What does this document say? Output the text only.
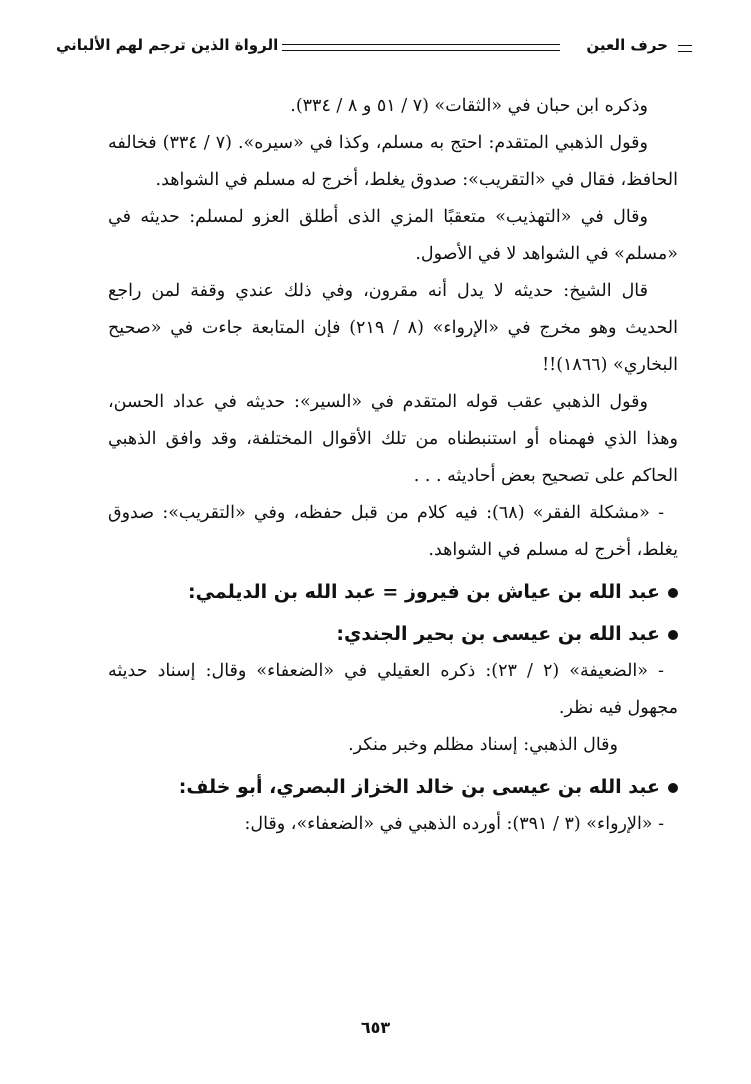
حرف العين
الرواة الذين ترجم لهم الألباني

وذكره ابن حبان في «الثقات» (٧ / ٥١ و ٨ / ٣٣٤).

وقول الذهبي المتقدم: احتج به مسلم، وكذا في «سيره». (٧ / ٣٣٤) فخالفه الحافظ، فقال في «التقريب»: صدوق يغلط، أخرج له مسلم في الشواهد.

وقال في «التهذيب» متعقبًا المزي الذى أطلق العزو لمسلم: حديثه في «مسلم» في الشواهد لا في الأصول.

قال الشيخ: حديثه لا يدل أنه مقرون، وفي ذلك عندي وقفة لمن راجع الحديث وهو مخرج في «الإرواء» (٨ / ٢١٩) فإن المتابعة جاءت في «صحيح البخاري» (١٨٦٦)!!

وقول الذهبي عقب قوله المتقدم في «السير»: حديثه في عداد الحسن، وهذا الذي فهمناه أو استنبطناه من تلك الأقوال المختلفة، وقد وافق الذهبي الحاكم على تصحيح بعض أحاديثه . . .

- «مشكلة الفقر» (٦٨): فيه كلام من قبل حفظه، وفي «التقريب»: صدوق يغلط، أخرج له مسلم في الشواهد.

عبد الله بن عياش بن فيروز = عبد الله بن الديلمي:

عبد الله بن عيسى بن بحير الجندي:

- «الضعيفة» (٢ / ٢٣): ذكره العقيلي في «الضعفاء» وقال: إسناد حديثه مجهول فيه نظر.

وقال الذهبي: إسناد مظلم وخبر منكر.

عبد الله بن عيسى بن خالد الخزاز البصري، أبو خلف:

- «الإرواء» (٣ / ٣٩١): أورده الذهبي في «الضعفاء»، وقال:

٦٥٣
